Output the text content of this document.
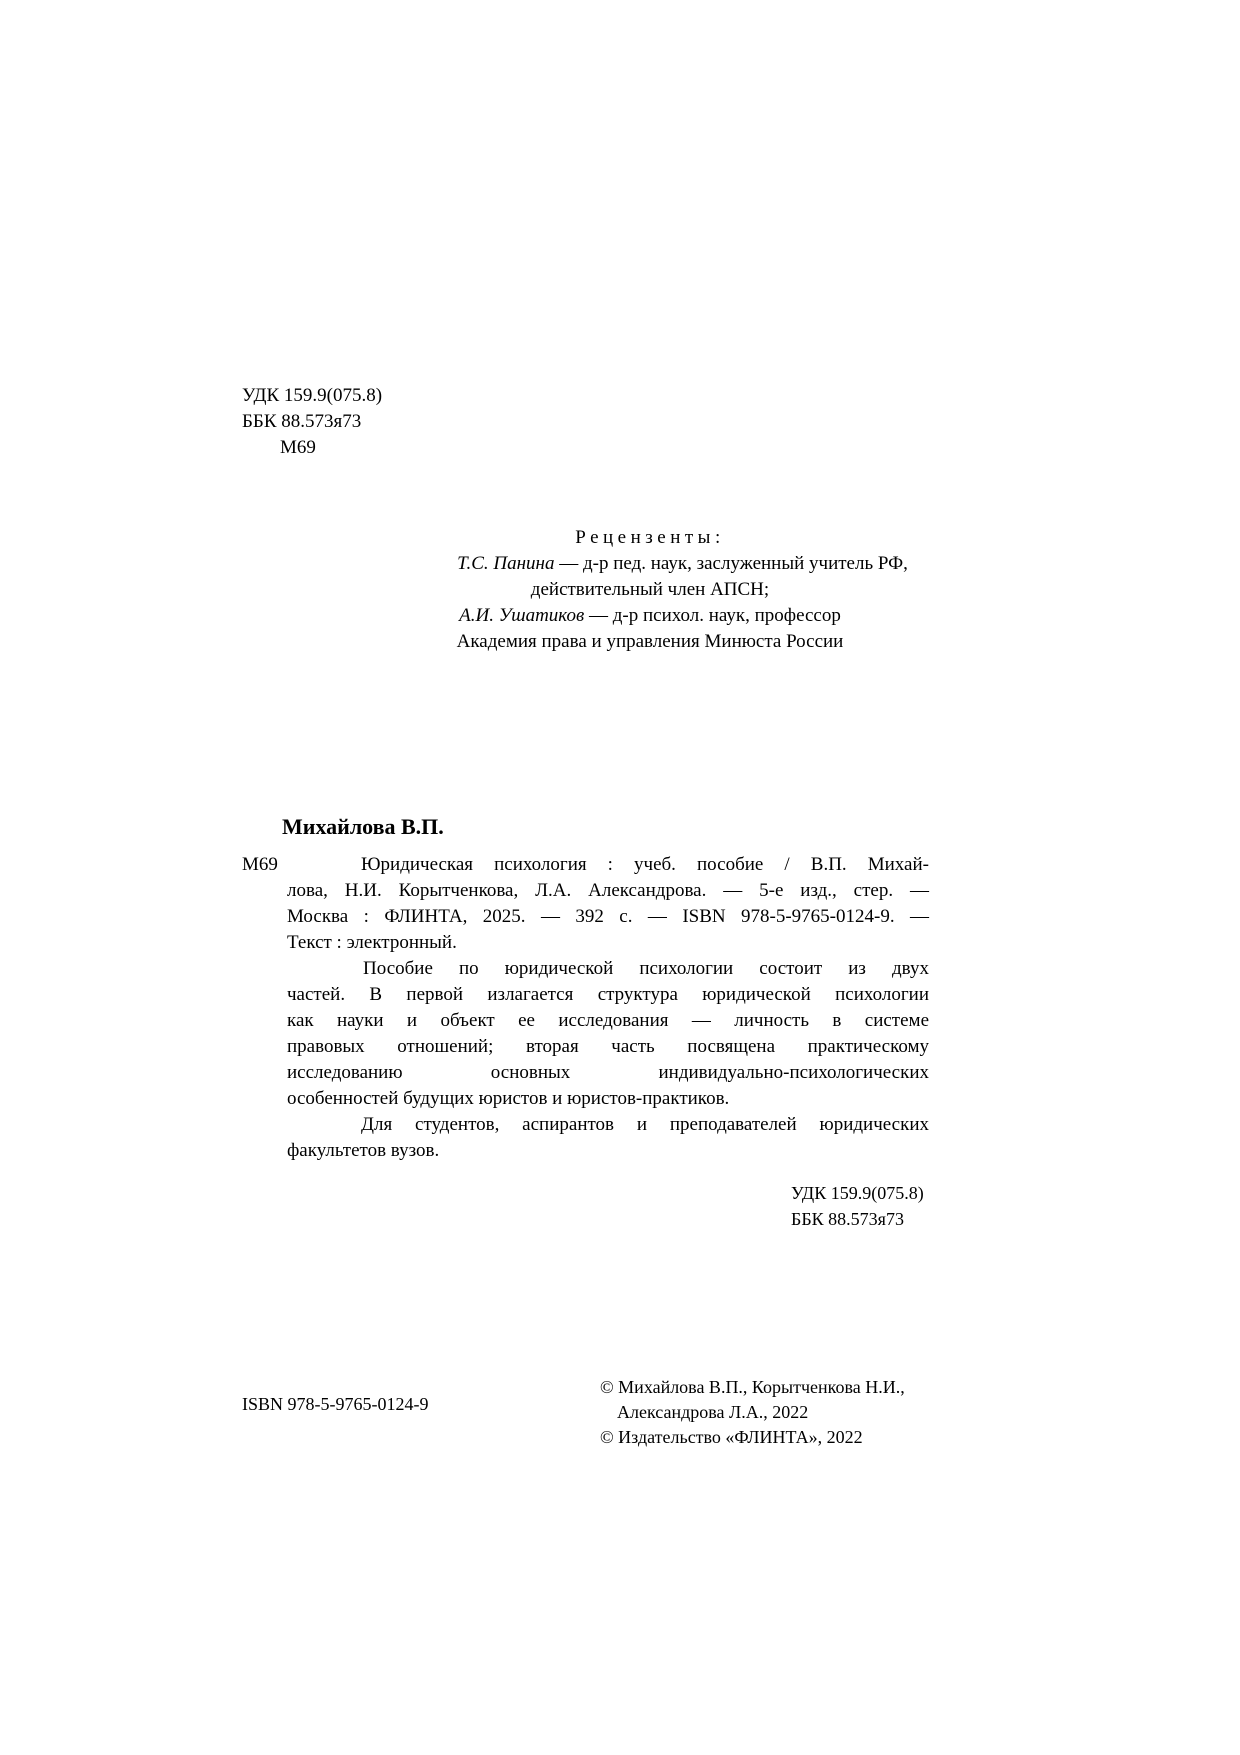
УДК 159.9(075.8)
ББК 88.573я73
М69
Рецензенты:
Т.С. Панина — д-р пед. наук, заслуженный учитель РФ,
действительный член АПСН;
А.И. Ушатиков — д-р психол. наук, профессор
Академия права и управления Минюста России
Михайлова В.П.
М69	Юридическая психология : учеб. пособие / В.П. Михай-
лова, Н.И. Корытченкова, Л.А. Александрова. — 5-е изд., стер. —
Москва : ФЛИНТА, 2025. — 392 с. — ISBN 978-5-9765-0124-9. —
Текст : электронный.
Пособие по юридической психологии состоит из двух
частей. В первой излагается структура юридической психологии
как науки и объект ее исследования — личность в системе
правовых отношений; вторая часть посвящена практическому
исследованию основных индивидуально-психологических
особенностей будущих юристов и юристов-практиков.
Для студентов, аспирантов и преподавателей юридических
факультетов вузов.
УДК 159.9(075.8)
ББК 88.573я73
ISBN 978-5-9765-0124-9
© Михайлова В.П., Корытченкова Н.И.,
Александрова Л.А., 2022
© Издательство «ФЛИНТА», 2022
